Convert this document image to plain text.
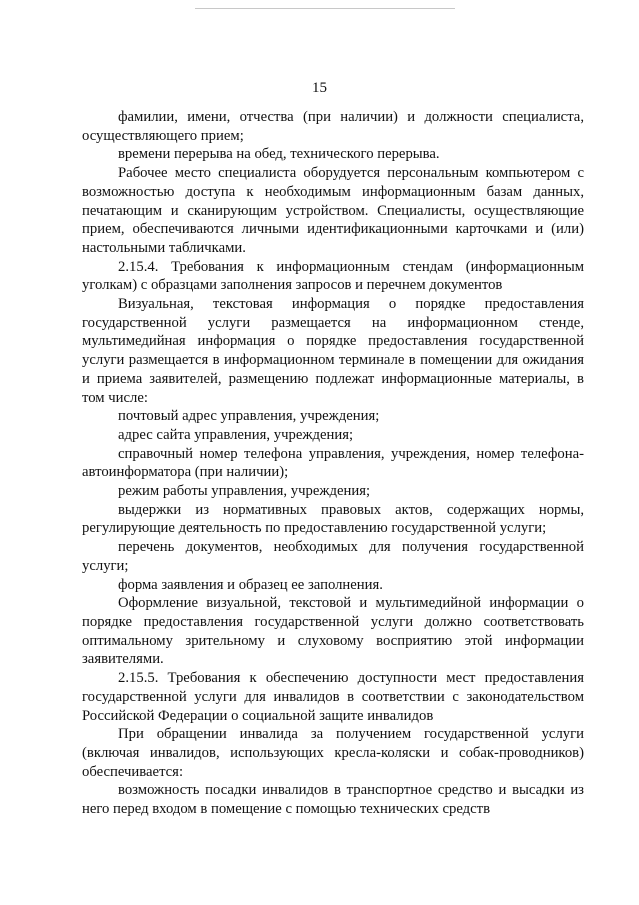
15

фамилии, имени, отчества (при наличии) и должности специалиста, осуществляющего прием;

времени перерыва на обед, технического перерыва.

Рабочее место специалиста оборудуется персональным компьютером с возможностью доступа к необходимым информационным базам данных, печатающим и сканирующим устройством. Специалисты, осуществляющие прием, обеспечиваются личными идентификационными карточками и (или) настольными табличками.

2.15.4. Требования к информационным стендам (информационным уголкам) с образцами заполнения запросов и перечнем документов

Визуальная, текстовая информация о порядке предоставления государственной услуги размещается на информационном стенде, мультимедийная информация о порядке предоставления государственной услуги размещается в информационном терминале в помещении для ожидания и приема заявителей, размещению подлежат информационные материалы, в том числе:

почтовый адрес управления, учреждения;

адрес сайта управления, учреждения;

справочный номер телефона управления, учреждения, номер телефона-автоинформатора (при наличии);

режим работы управления, учреждения;

выдержки из нормативных правовых актов, содержащих нормы, регулирующие деятельность по предоставлению государственной услуги;

перечень документов, необходимых для получения государственной услуги;

форма заявления и образец ее заполнения.

Оформление визуальной, текстовой и мультимедийной информации о порядке предоставления государственной услуги должно соответствовать оптимальному зрительному и слуховому восприятию этой информации заявителями.

2.15.5. Требования к обеспечению доступности мест предоставления государственной услуги для инвалидов в соответствии с законодательством Российской Федерации о социальной защите инвалидов

При обращении инвалида за получением государственной услуги (включая инвалидов, использующих кресла-коляски и собак-проводников) обеспечивается:

возможность посадки инвалидов в транспортное средство и высадки из него перед входом в помещение с помощью технических средств
